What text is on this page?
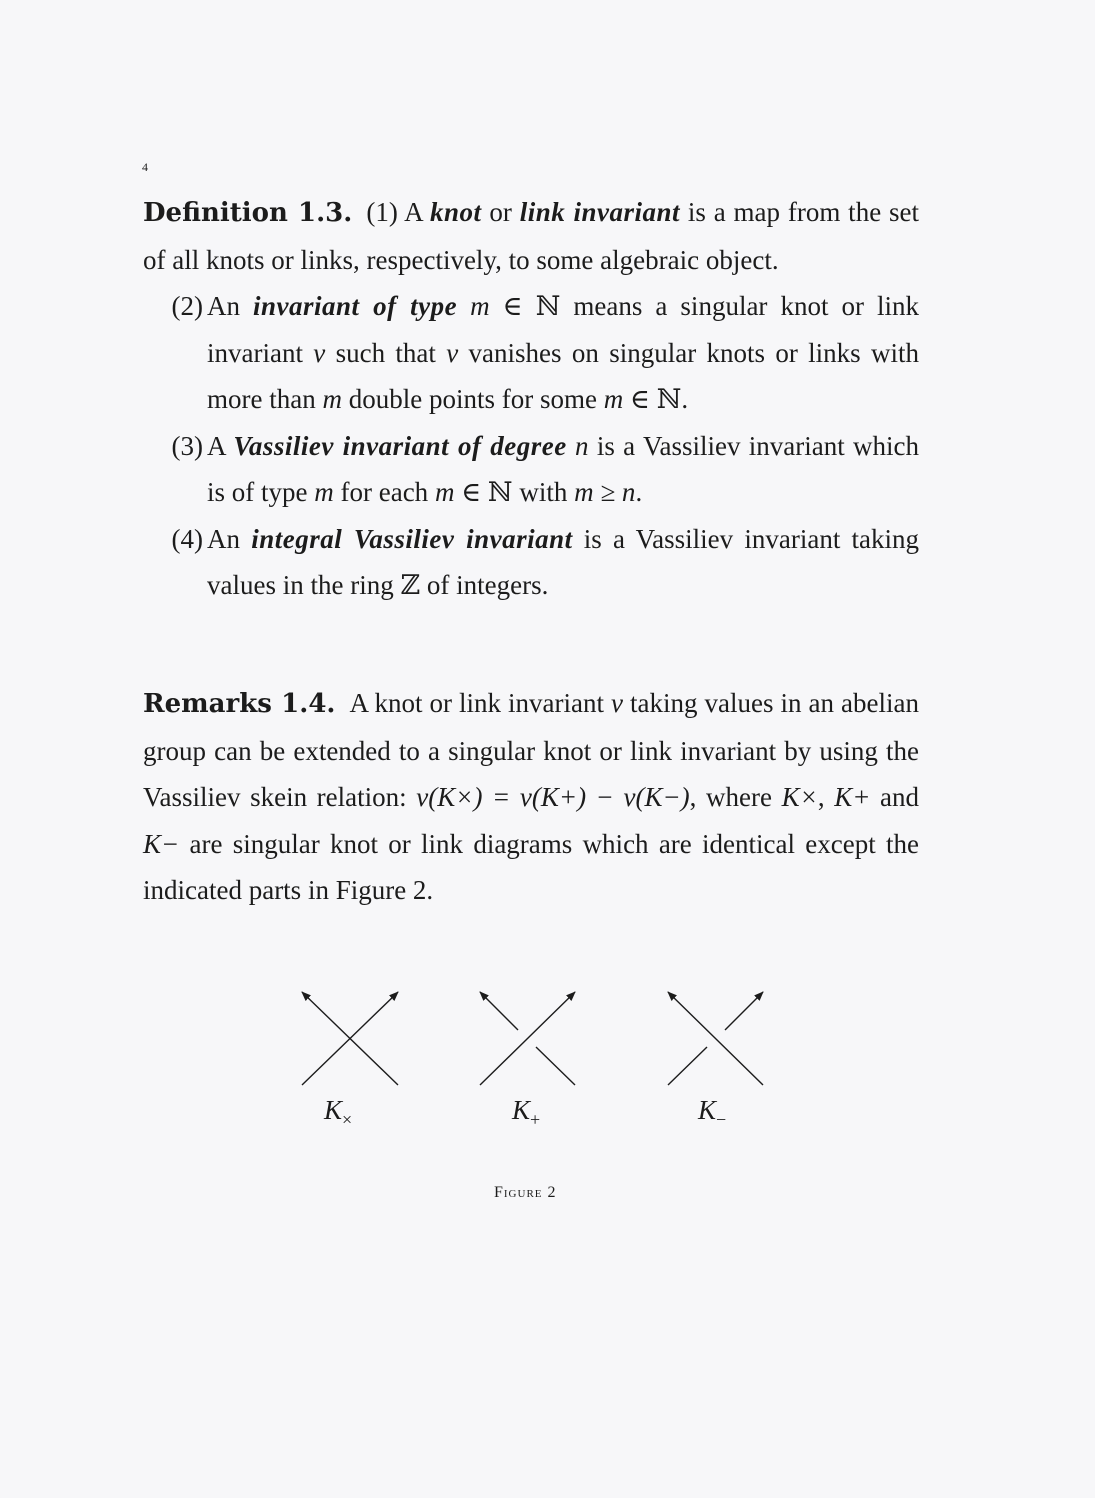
4
Definition 1.3. (1) A knot or link invariant is a map from the set of all knots or links, respectively, to some algebraic object.
(2) An invariant of type m ∈ ℕ means a singular knot or link invariant v such that v vanishes on singular knots or links with more than m double points for some m ∈ ℕ.
(3) A Vassiliev invariant of degree n is a Vassiliev invariant which is of type m for each m ∈ ℕ with m ≥ n.
(4) An integral Vassiliev invariant is a Vassiliev invariant taking values in the ring ℤ of integers.

Remarks 1.4. A knot or link invariant v taking values in an abelian group can be extended to a singular knot or link invariant by using the Vassiliev skein relation: v(K×) = v(K+) − v(K−), where K×, K+ and K− are singular knot or link diagrams which are identical except the indicated parts in Figure 2.

$K_\times$	$K_+$	$K_-$
Figure 2
